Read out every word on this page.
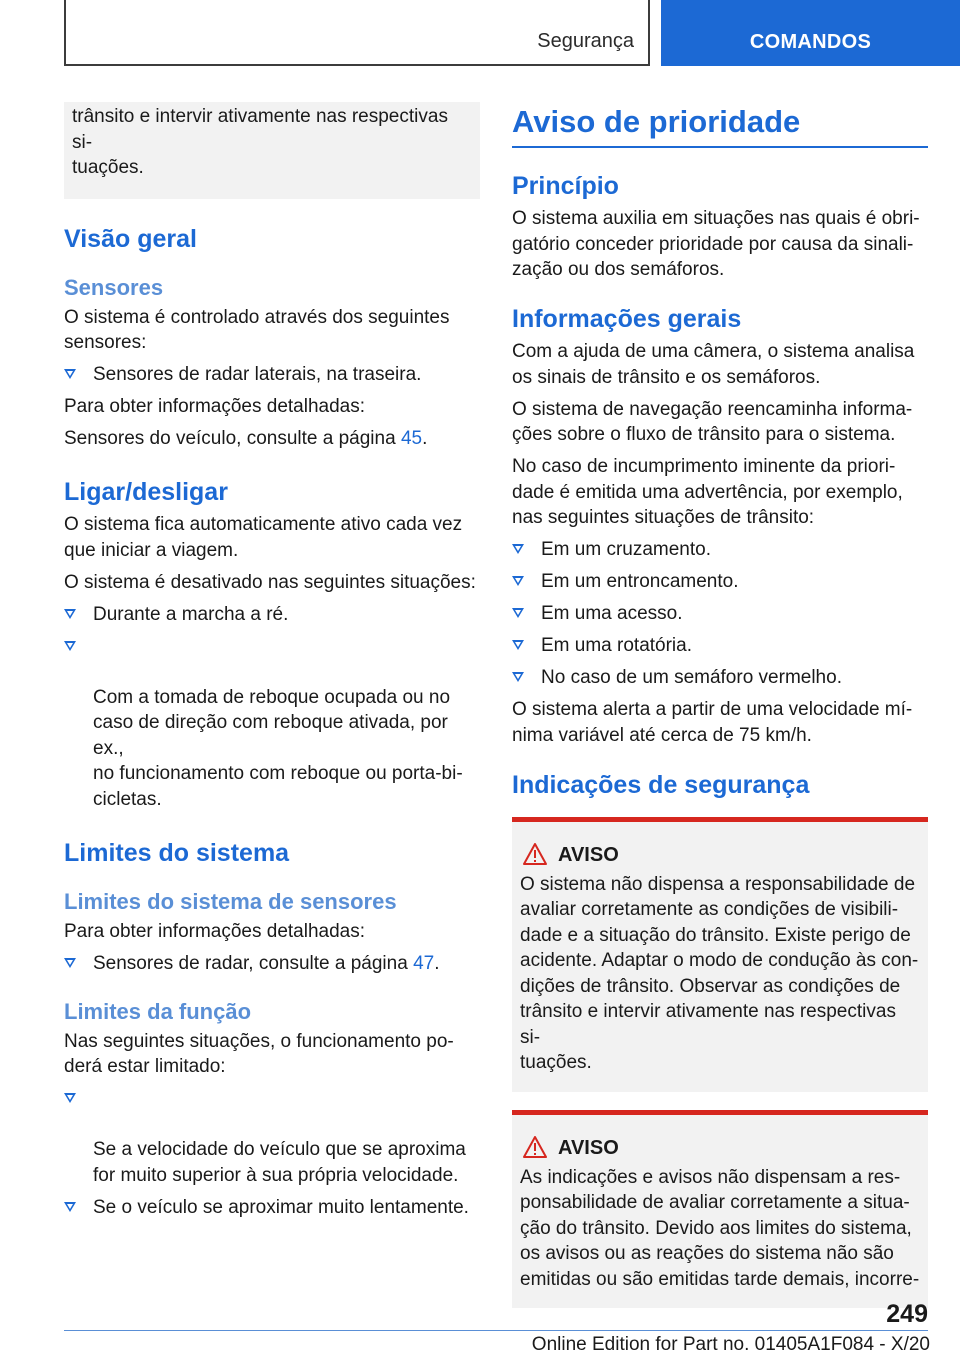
Segurança	COMANDOS

trânsito e intervir ativamente nas respectivas si-
tuações.

Visão geral
Sensores

O sistema é controlado através dos seguintes
sensores:

Sensores de radar laterais, na traseira.

Para obter informações detalhadas:

Sensores do veículo, consulte a página 45.

Ligar/desligar

O sistema fica automaticamente ativo cada vez
que iniciar a viagem.

O sistema é desativado nas seguintes situações:

Durante a marcha a ré.

Com a tomada de reboque ocupada ou no
caso de direção com reboque ativada, por ex.,
no funcionamento com reboque ou porta-bi-
cicletas.

Limites do sistema
Limites do sistema de sensores

Para obter informações detalhadas:

Sensores de radar, consulte a página 47.
Limites da função

Nas seguintes situações, o funcionamento po-
derá estar limitado:

Se a velocidade do veículo que se aproxima
for muito superior à sua própria velocidade.

Se o veículo se aproximar muito lentamente.
Aviso de prioridade
Princípio

O sistema auxilia em situações nas quais é obri-
gatório conceder prioridade por causa da sinali-
zação ou dos semáforos.

Informações gerais

Com a ajuda de uma câmera, o sistema analisa
os sinais de trânsito e os semáforos.

O sistema de navegação reencaminha informa-
ções sobre o fluxo de trânsito para o sistema.

No caso de incumprimento iminente da priori-
dade é emitida uma advertência, por exemplo,
nas seguintes situações de trânsito:

Em um cruzamento.
Em um entroncamento.
Em uma acesso.
Em uma rotatória.
No caso de um semáforo vermelho.

O sistema alerta a partir de uma velocidade mí-
nima variável até cerca de 75 km/h.

Indicações de segurança
AVISO

O sistema não dispensa a responsabilidade de
avaliar corretamente as condições de visibili-
dade e a situação do trânsito. Existe perigo de
acidente. Adaptar o modo de condução às con-
dições de trânsito. Observar as condições de
trânsito e intervir ativamente nas respectivas si-
tuações.

AVISO

As indicações e avisos não dispensam a res-
ponsabilidade de avaliar corretamente a situa-
ção do trânsito. Devido aos limites do sistema,
os avisos ou as reações do sistema não são
emitidas ou são emitidas tarde demais, incorre-

249
Online Edition for Part no. 01405A1F084 - X/20
